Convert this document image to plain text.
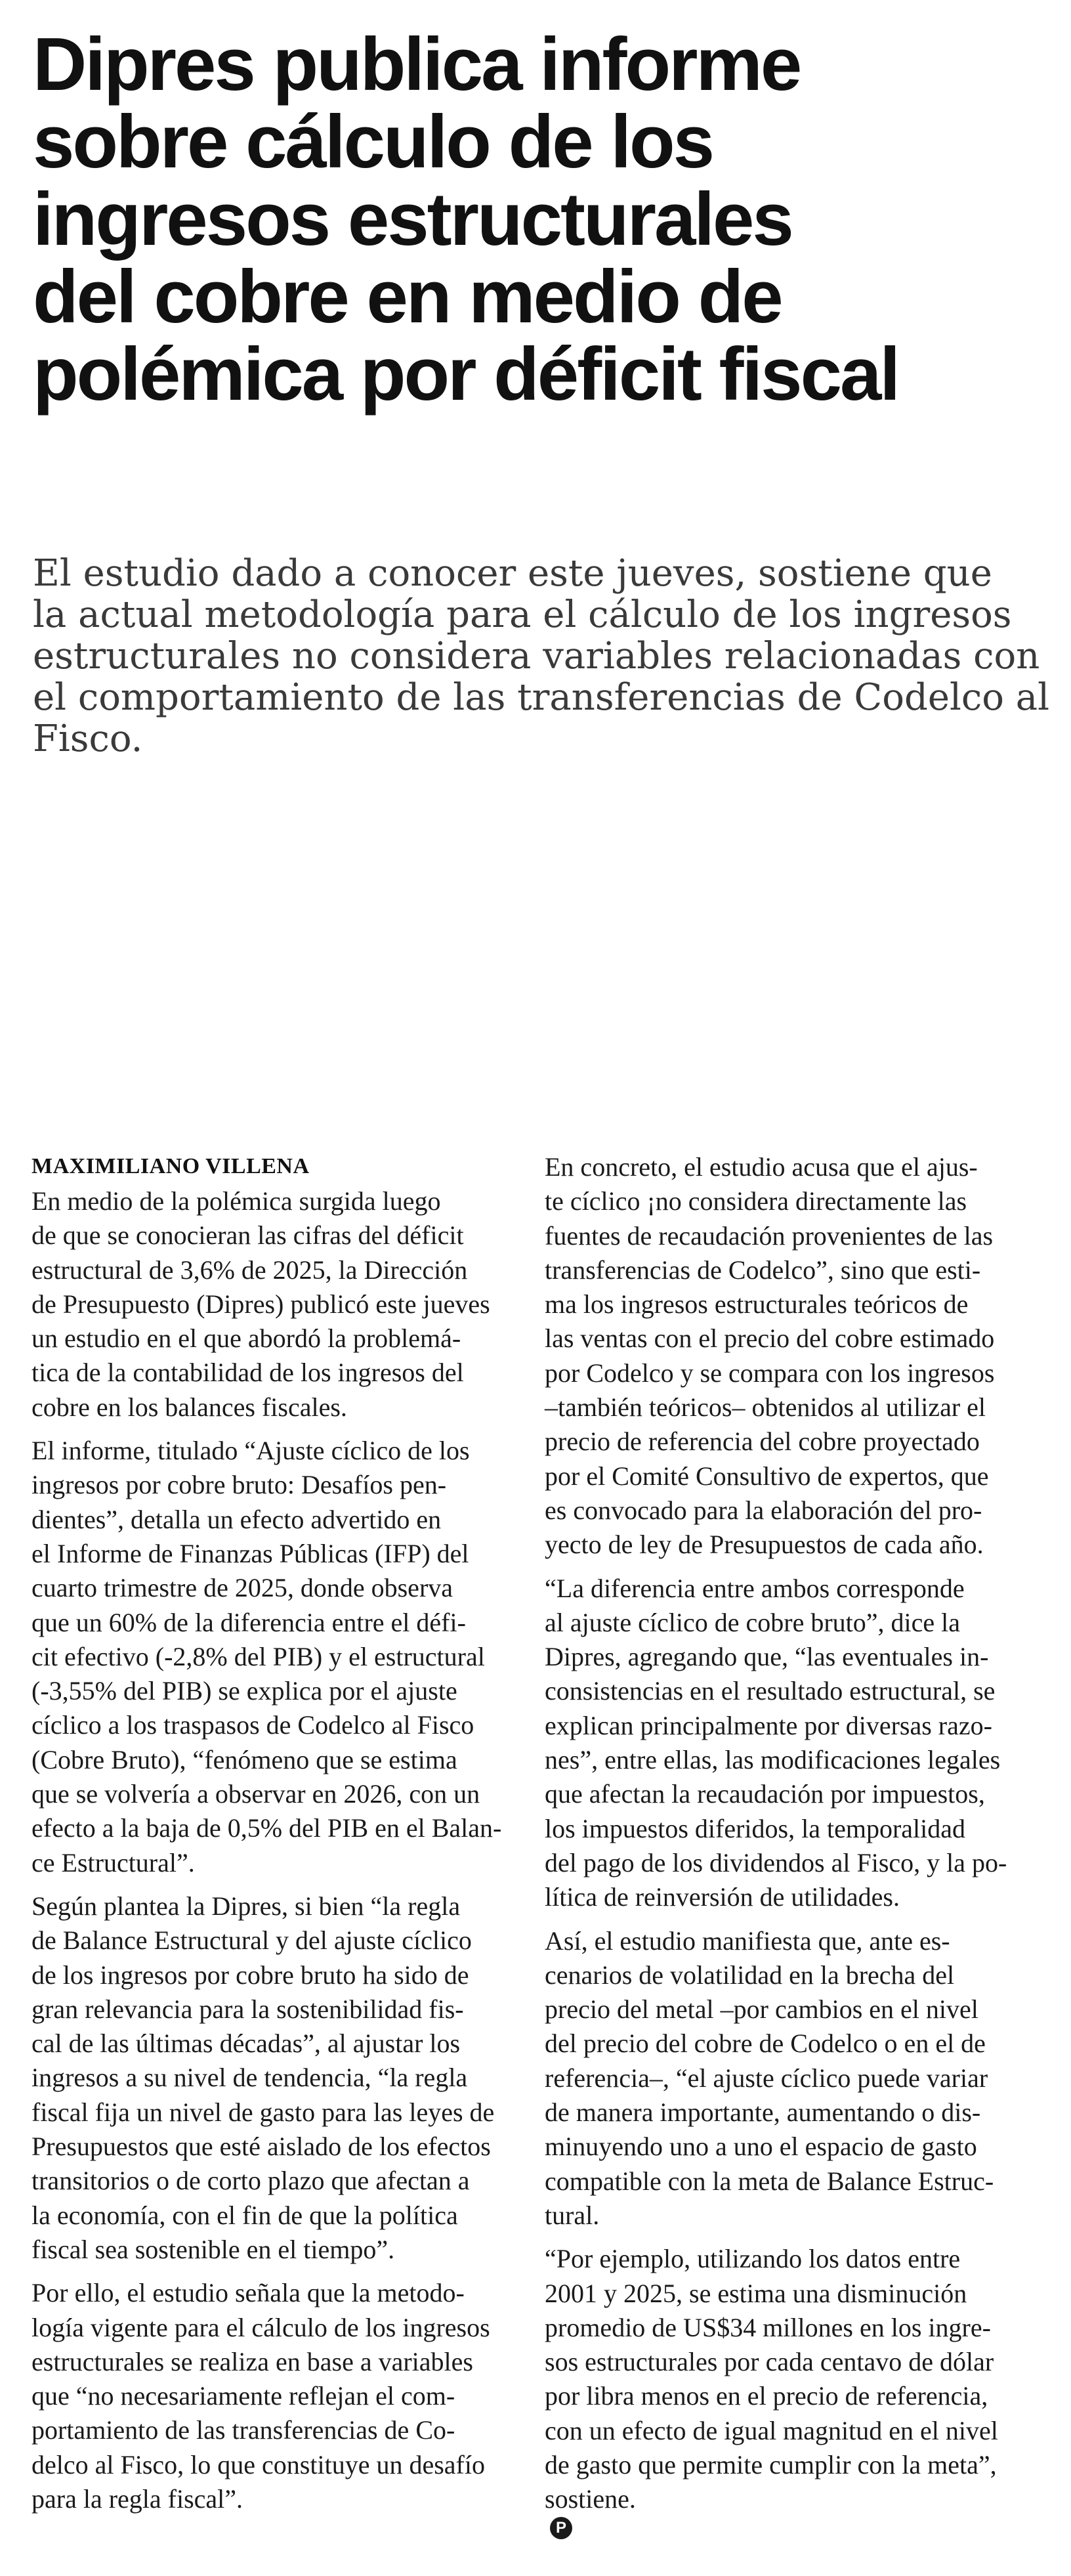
Dipres publica informe
sobre cálculo de los
ingresos estructurales
del cobre en medio de
polémica por déficit fiscal

El estudio dado a conocer este jueves, sostiene que
la actual metodología para el cálculo de los ingresos
estructurales no considera variables relacionadas con
el comportamiento de las transferencias de Codelco al
Fisco.

MAXIMILIANO VILLENA

En medio de la polémica surgida luego
de que se conocieran las cifras del déficit
estructural de 3,6% de 2025, la Dirección
de Presupuesto (Dipres) publicó este jueves
un estudio en el que abordó la problemá-
tica de la contabilidad de los ingresos del
cobre en los balances fiscales.

El informe, titulado “Ajuste cíclico de los
ingresos por cobre bruto: Desafíos pen-
dientes”, detalla un efecto advertido en
el Informe de Finanzas Públicas (IFP) del
cuarto trimestre de 2025, donde observa
que un 60% de la diferencia entre el défi-
cit efectivo (-2,8% del PIB) y el estructural
(-3,55% del PIB) se explica por el ajuste
cíclico a los traspasos de Codelco al Fisco
(Cobre Bruto), “fenómeno que se estima
que se volvería a observar en 2026, con un
efecto a la baja de 0,5% del PIB en el Balan-
ce Estructural”.

Según plantea la Dipres, si bien “la regla
de Balance Estructural y del ajuste cíclico
de los ingresos por cobre bruto ha sido de
gran relevancia para la sostenibilidad fis-
cal de las últimas décadas”, al ajustar los
ingresos a su nivel de tendencia, “la regla
fiscal fija un nivel de gasto para las leyes de
Presupuestos que esté aislado de los efectos
transitorios o de corto plazo que afectan a
la economía, con el fin de que la política
fiscal sea sostenible en el tiempo”.

Por ello, el estudio señala que la metodo-
logía vigente para el cálculo de los ingresos
estructurales se realiza en base a variables
que “no necesariamente reflejan el com-
portamiento de las transferencias de Co-
delco al Fisco, lo que constituye un desafío
para la regla fiscal”.

En concreto, el estudio acusa que el ajus-
te cíclico ¡no considera directamente las
fuentes de recaudación provenientes de las
transferencias de Codelco”, sino que esti-
ma los ingresos estructurales teóricos de
las ventas con el precio del cobre estimado
por Codelco y se compara con los ingresos
–también teóricos– obtenidos al utilizar el
precio de referencia del cobre proyectado
por el Comité Consultivo de expertos, que
es convocado para la elaboración del pro-
yecto de ley de Presupuestos de cada año.

“La diferencia entre ambos corresponde
al ajuste cíclico de cobre bruto”, dice la
Dipres, agregando que, “las eventuales in-
consistencias en el resultado estructural, se
explican principalmente por diversas razo-
nes”, entre ellas, las modificaciones legales
que afectan la recaudación por impuestos,
los impuestos diferidos, la temporalidad
del pago de los dividendos al Fisco, y la po-
lítica de reinversión de utilidades.

Así, el estudio manifiesta que, ante es-
cenarios de volatilidad en la brecha del
precio del metal –por cambios en el nivel
del precio del cobre de Codelco o en el de
referencia–, “el ajuste cíclico puede variar
de manera importante, aumentando o dis-
minuyendo uno a uno el espacio de gasto
compatible con la meta de Balance Estruc-
tural.

“Por ejemplo, utilizando los datos entre
2001 y 2025, se estima una disminución
promedio de US$34 millones en los ingre-
sos estructurales por cada centavo de dólar
por libra menos en el precio de referencia,
con un efecto de igual magnitud en el nivel
de gasto que permite cumplir con la meta”,
sostiene.
P
